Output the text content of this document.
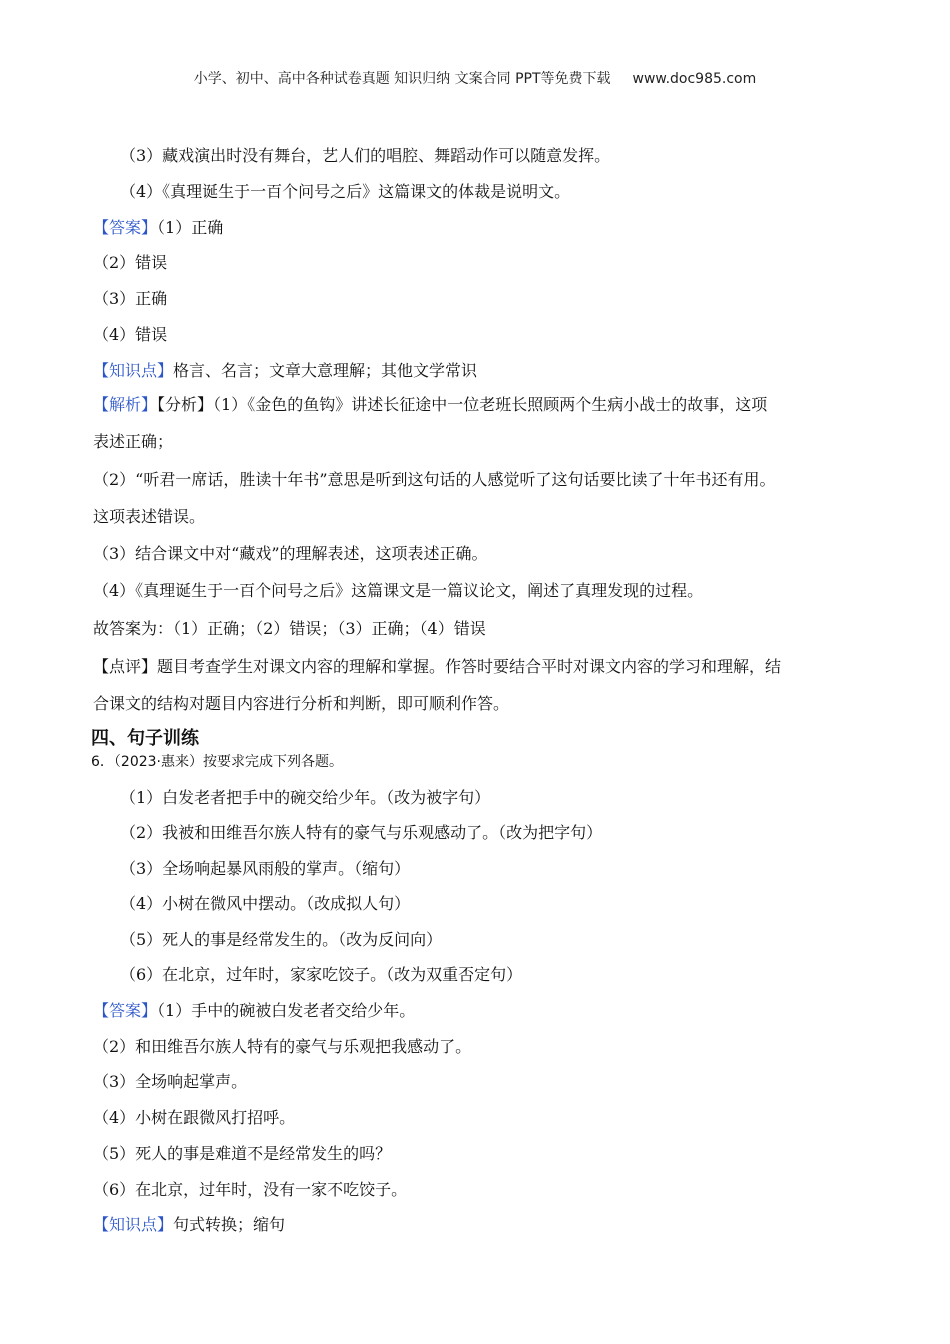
小学、初中、高中各种试卷真题 知识归纳 文案合同 PPT等免费下载 www.doc985.com
（3）藏戏演出时没有舞台，艺人们的唱腔、舞蹈动作可以随意发挥。
（4）《真理诞生于一百个问号之后》这篇课文的体裁是说明文。
【答案】（1）正确
（2）错误
（3）正确
（4）错误
【知识点】格言、名言；文章大意理解；其他文学常识
【解析】【分析】（1）《金色的鱼钩》讲述长征途中一位老班长照顾两个生病小战士的故事，这项
表述正确；
（2）“听君一席话，胜读十年书”意思是听到这句话的人感觉听了这句话要比读了十年书还有用。
这项表述错误。
（3）结合课文中对“藏戏”的理解表述，这项表述正确。
（4）《真理诞生于一百个问号之后》这篇课文是一篇议论文，阐述了真理发现的过程。
故答案为：（1）正确；（2）错误；（3）正确；（4）错误
【点评】题目考查学生对课文内容的理解和掌握。作答时要结合平时对课文内容的学习和理解，结
合课文的结构对题目内容进行分析和判断，即可顺利作答。
四、句子训练
6．（2023·惠来）按要求完成下列各题。
（1）白发老者把手中的碗交给少年。（改为被字句）
（2）我被和田维吾尔族人特有的豪气与乐观感动了。（改为把字句）
（3）全场响起暴风雨般的掌声。（缩句）
（4）小树在微风中摆动。（改成拟人句）
（5）死人的事是经常发生的。（改为反问向）
（6）在北京，过年时，家家吃饺子。（改为双重否定句）
【答案】（1）手中的碗被白发老者交给少年。
（2）和田维吾尔族人特有的豪气与乐观把我感动了。
（3）全场响起掌声。
（4）小树在跟微风打招呼。
（5）死人的事是难道不是经常发生的吗？
（6）在北京，过年时，没有一家不吃饺子。
【知识点】句式转换；缩句
